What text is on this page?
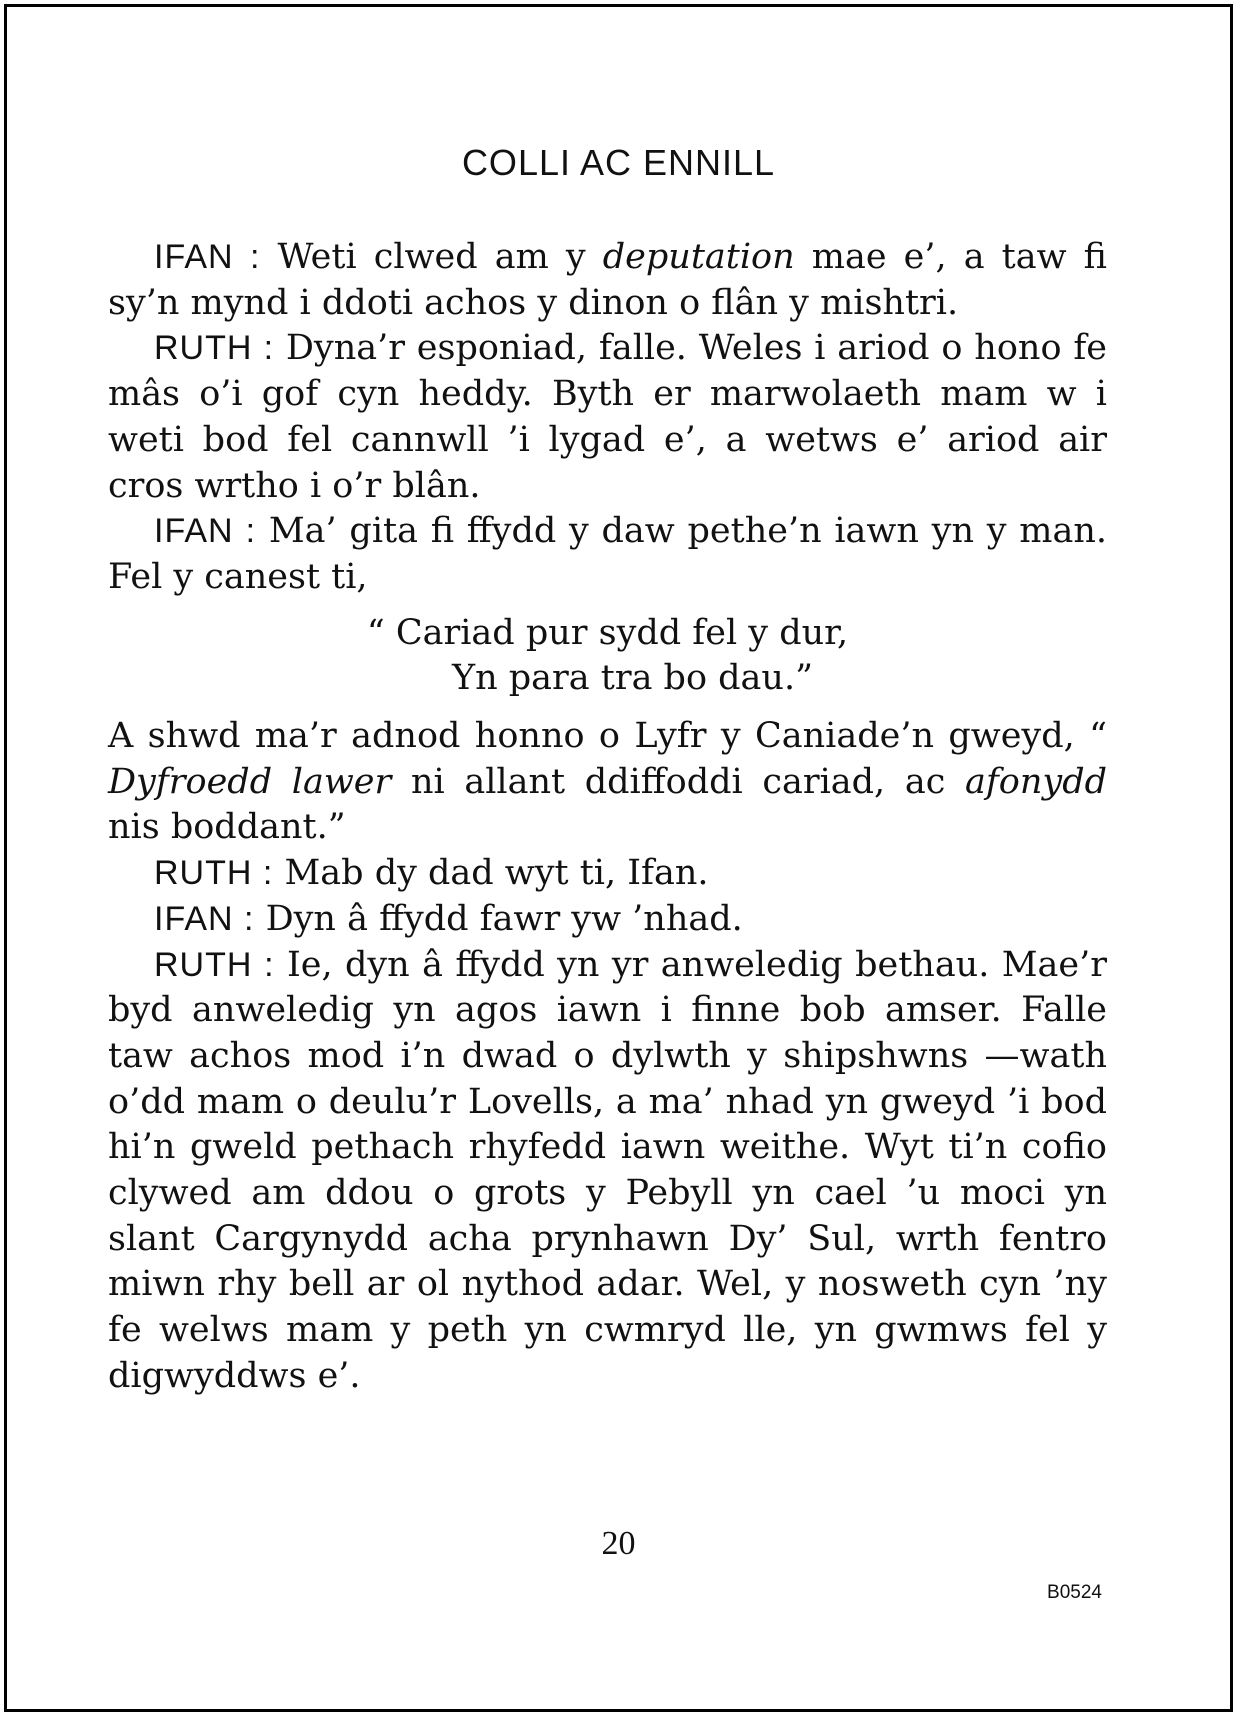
COLLI AC ENNILL

IFAN : Weti clwed am y deputation mae e’, a taw fi sy’n mynd i ddoti achos y dinon o flân y mishtri.

RUTH : Dyna’r esponiad, falle. Weles i ariod o hono fe mâs o’i gof cyn heddy. Byth er marwolaeth mam w i weti bod fel cannwll ’i lygad e’, a wetws e’ ariod air cros wrtho i o’r blân.

IFAN : Ma’ gita fi ffydd y daw pethe’n iawn yn y man. Fel y canest ti,

“ Cariad pur sydd fel y dur,
Yn para tra bo dau.”

A shwd ma’r adnod honno o Lyfr y Caniade’n gweyd, “ Dyfroedd lawer ni allant ddiffoddi cariad, ac afonydd nis boddant.”

RUTH : Mab dy dad wyt ti, Ifan.

IFAN : Dyn â ffydd fawr yw ’nhad.

RUTH : Ie, dyn â ffydd yn yr anweledig bethau. Mae’r byd anweledig yn agos iawn i finne bob amser. Falle taw achos mod i’n dwad o dylwth y shipshwns —wath o’dd mam o deulu’r Lovells, a ma’ nhad yn gweyd ’i bod hi’n gweld pethach rhyfedd iawn weithe. Wyt ti’n cofio clywed am ddou o grots y Pebyll yn cael ’u moci yn slant Cargynydd acha prynhawn Dy’ Sul, wrth fentro miwn rhy bell ar ol nythod adar. Wel, y nosweth cyn ’ny fe welws mam y peth yn cwmryd lle, yn gwmws fel y digwyddws e’.

20
B0524
